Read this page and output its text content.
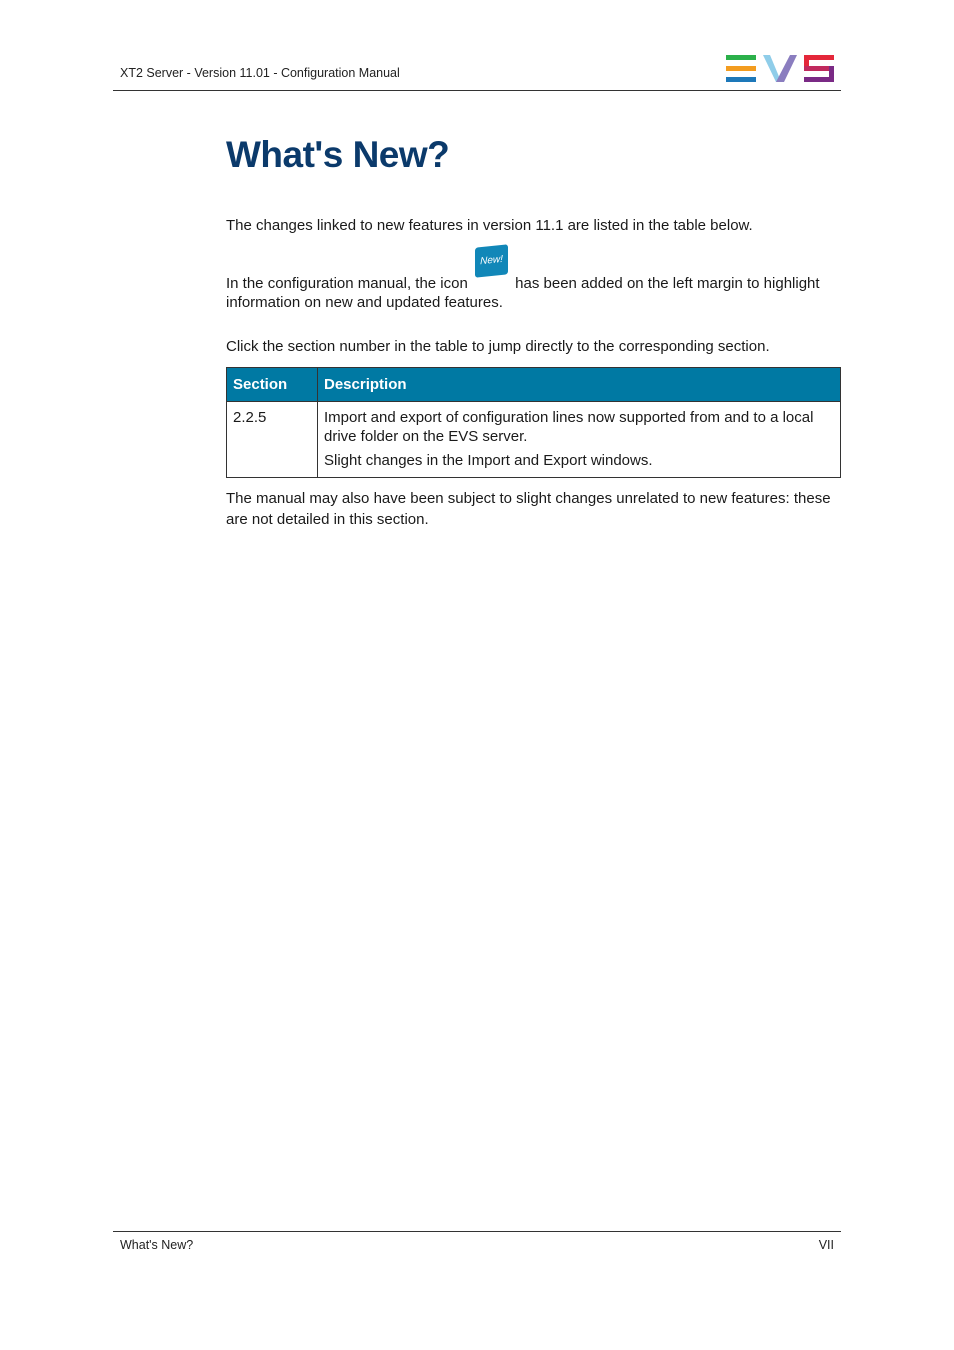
XT2 Server - Version 11.01 - Configuration Manual
What's New?

The changes linked to new features in version 11.1 are listed in the table below.

In the configuration manual, the icon
New!
has been added on the left margin to highlight information on new and updated features.

Click the section number in the table to jump directly to the corresponding section.

Section	Description
2.2.5	Import and export of configuration lines now supported from and to a local drive folder on the EVS server.
Slight changes in the Import and Export windows.

The manual may also have been subject to slight changes unrelated to new features: these are not detailed in this section.

What's New?	VII
